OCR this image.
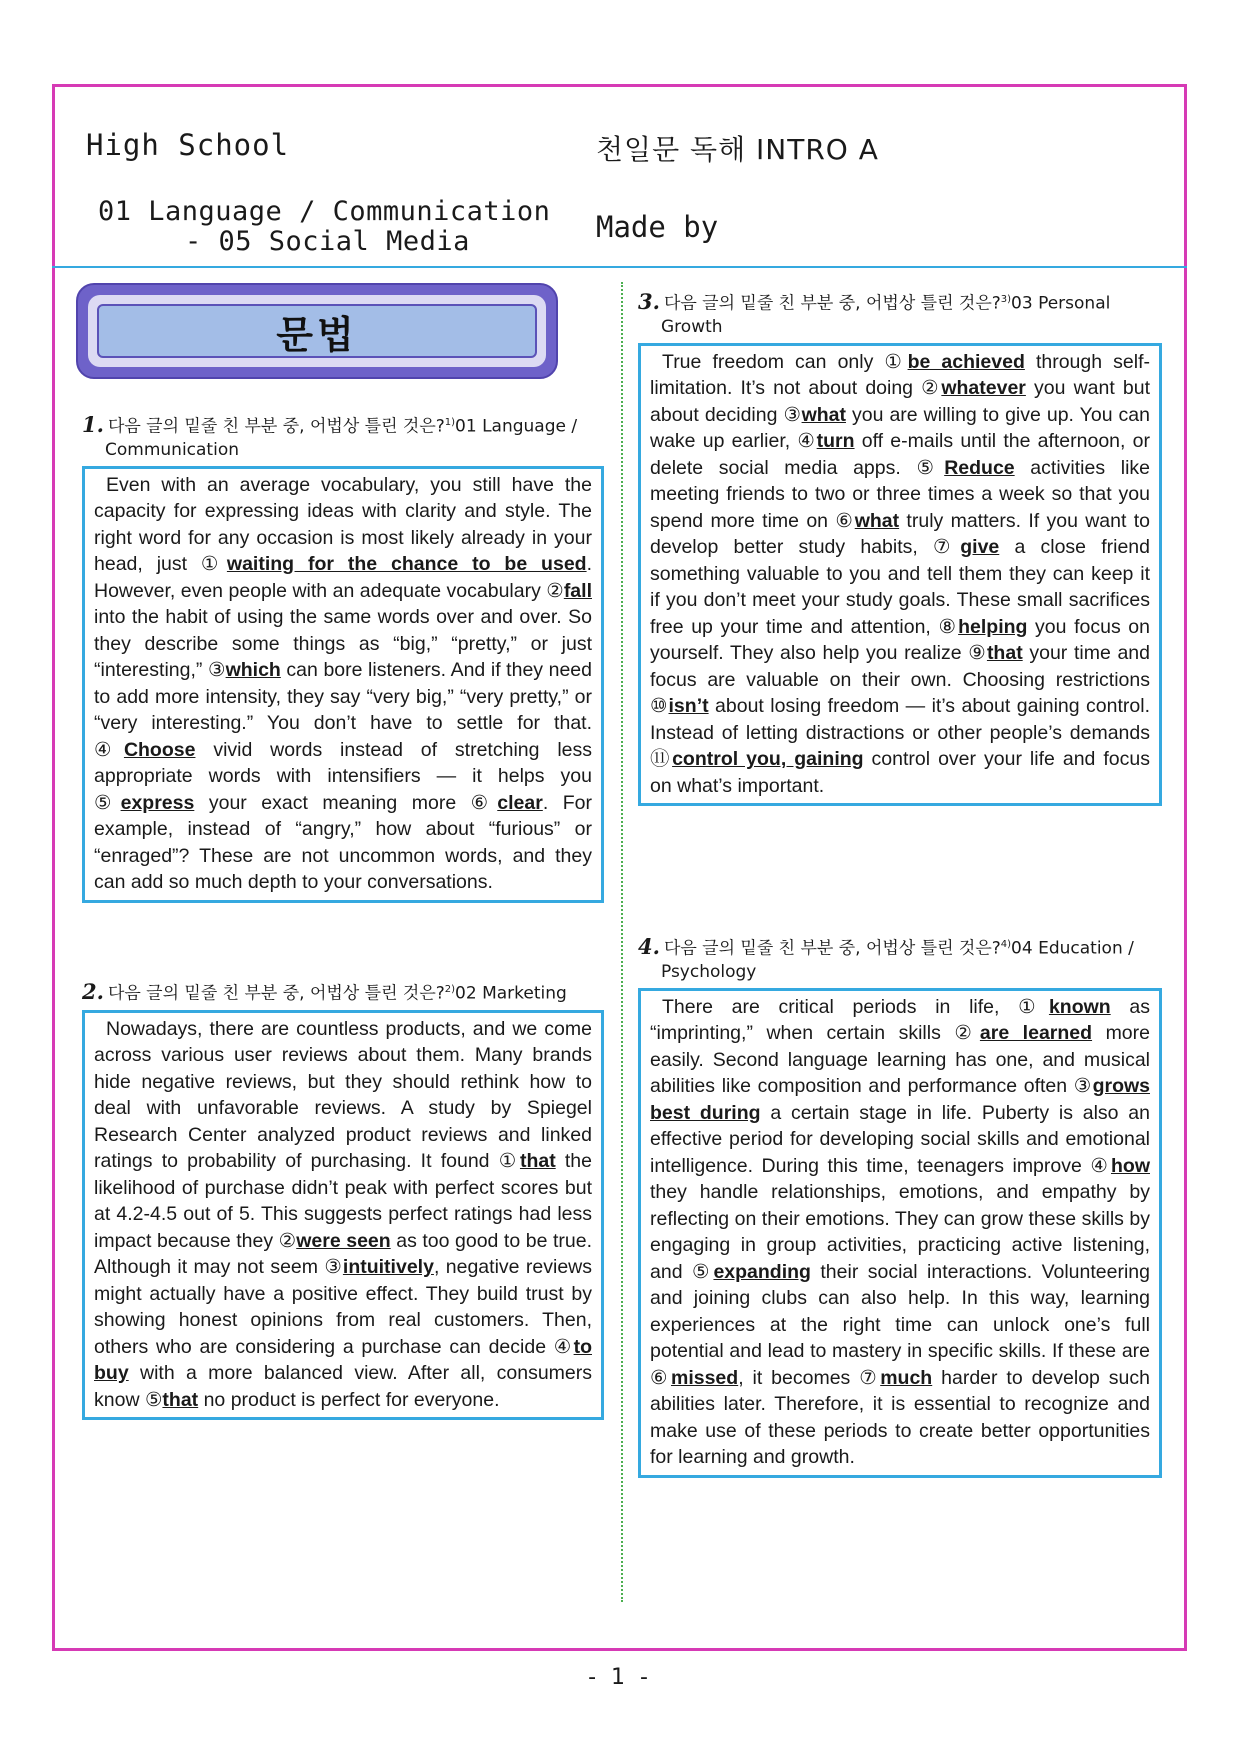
High School
01 Language / Communication
- 05 Social Media
천일문 독해 INTRO A
Made by
문법
1. 다음 글의 밑줄 친 부분 중, 어법상 틀린 것은?$^{1)}$01 Language /
Communication
Even with an average vocabulary, you still have the capacity for expressing ideas with clarity and style. The right word for any occasion is most likely already in your head, just ①waiting for the chance to be used. However, even people with an adequate vocabulary ②fall into the habit of using the same words over and over. So they describe some things as “big,” “pretty,” or just “interesting,” ③which can bore listeners. And if they need to add more intensity, they say “very big,” “very pretty,” or “very interesting.” You don’t have to settle for that. ④Choose vivid words instead of stretching less appropriate words with intensifiers — it helps you ⑤express your exact meaning more ⑥clear. For example, instead of “angry,” how about “furious” or “enraged”? These are not uncommon words, and they can add so much depth to your conversations.
2. 다음 글의 밑줄 친 부분 중, 어법상 틀린 것은?$^{2)}$02 Marketing
Nowadays, there are countless products, and we come across various user reviews about them. Many brands hide negative reviews, but they should rethink how to deal with unfavorable reviews. A study by Spiegel Research Center analyzed product reviews and linked ratings to probability of purchasing. It found ①that the likelihood of purchase didn’t peak with perfect scores but at 4.2-4.5 out of 5. This suggests perfect ratings had less impact because they ②were seen as too good to be true. Although it may not seem ③intuitively, negative reviews might actually have a positive effect. They build trust by showing honest opinions from real customers. Then, others who are considering a purchase can decide ④to buy with a more balanced view. After all, consumers know ⑤that no product is perfect for everyone.
3. 다음 글의 밑줄 친 부분 중, 어법상 틀린 것은?$^{3)}$03 Personal
Growth
True freedom can only ①be achieved through self-limitation. It’s not about doing ②whatever you want but about deciding ③what you are willing to give up. You can wake up earlier, ④turn off e-mails until the afternoon, or delete social media apps. ⑤Reduce activities like meeting friends to two or three times a week so that you spend more time on ⑥what truly matters. If you want to develop better study habits, ⑦give a close friend something valuable to you and tell them they can keep it if you don’t meet your study goals. These small sacrifices free up your time and attention, ⑧helping you focus on yourself. They also help you realize ⑨that your time and focus are valuable on their own. Choosing restrictions ⑩isn’t about losing freedom — it’s about gaining control. Instead of letting distractions or other people’s demands ⑪control you, gaining control over your life and focus on what’s important.
4. 다음 글의 밑줄 친 부분 중, 어법상 틀린 것은?$^{4)}$04 Education /
Psychology
There are critical periods in life, ①known as “imprinting,” when certain skills ②are learned more easily. Second language learning has one, and musical abilities like composition and performance often ③grows best during a certain stage in life. Puberty is also an effective period for developing social skills and emotional intelligence. During this time, teenagers improve ④how they handle relationships, emotions, and empathy by reflecting on their emotions. They can grow these skills by engaging in group activities, practicing active listening, and ⑤expanding their social interactions. Volunteering and joining clubs can also help. In this way, learning experiences at the right time can unlock one’s full potential and lead to mastery in specific skills. If these are ⑥missed, it becomes ⑦much harder to develop such abilities later. Therefore, it is essential to recognize and make use of these periods to create better opportunities for learning and growth.
- 1 -
